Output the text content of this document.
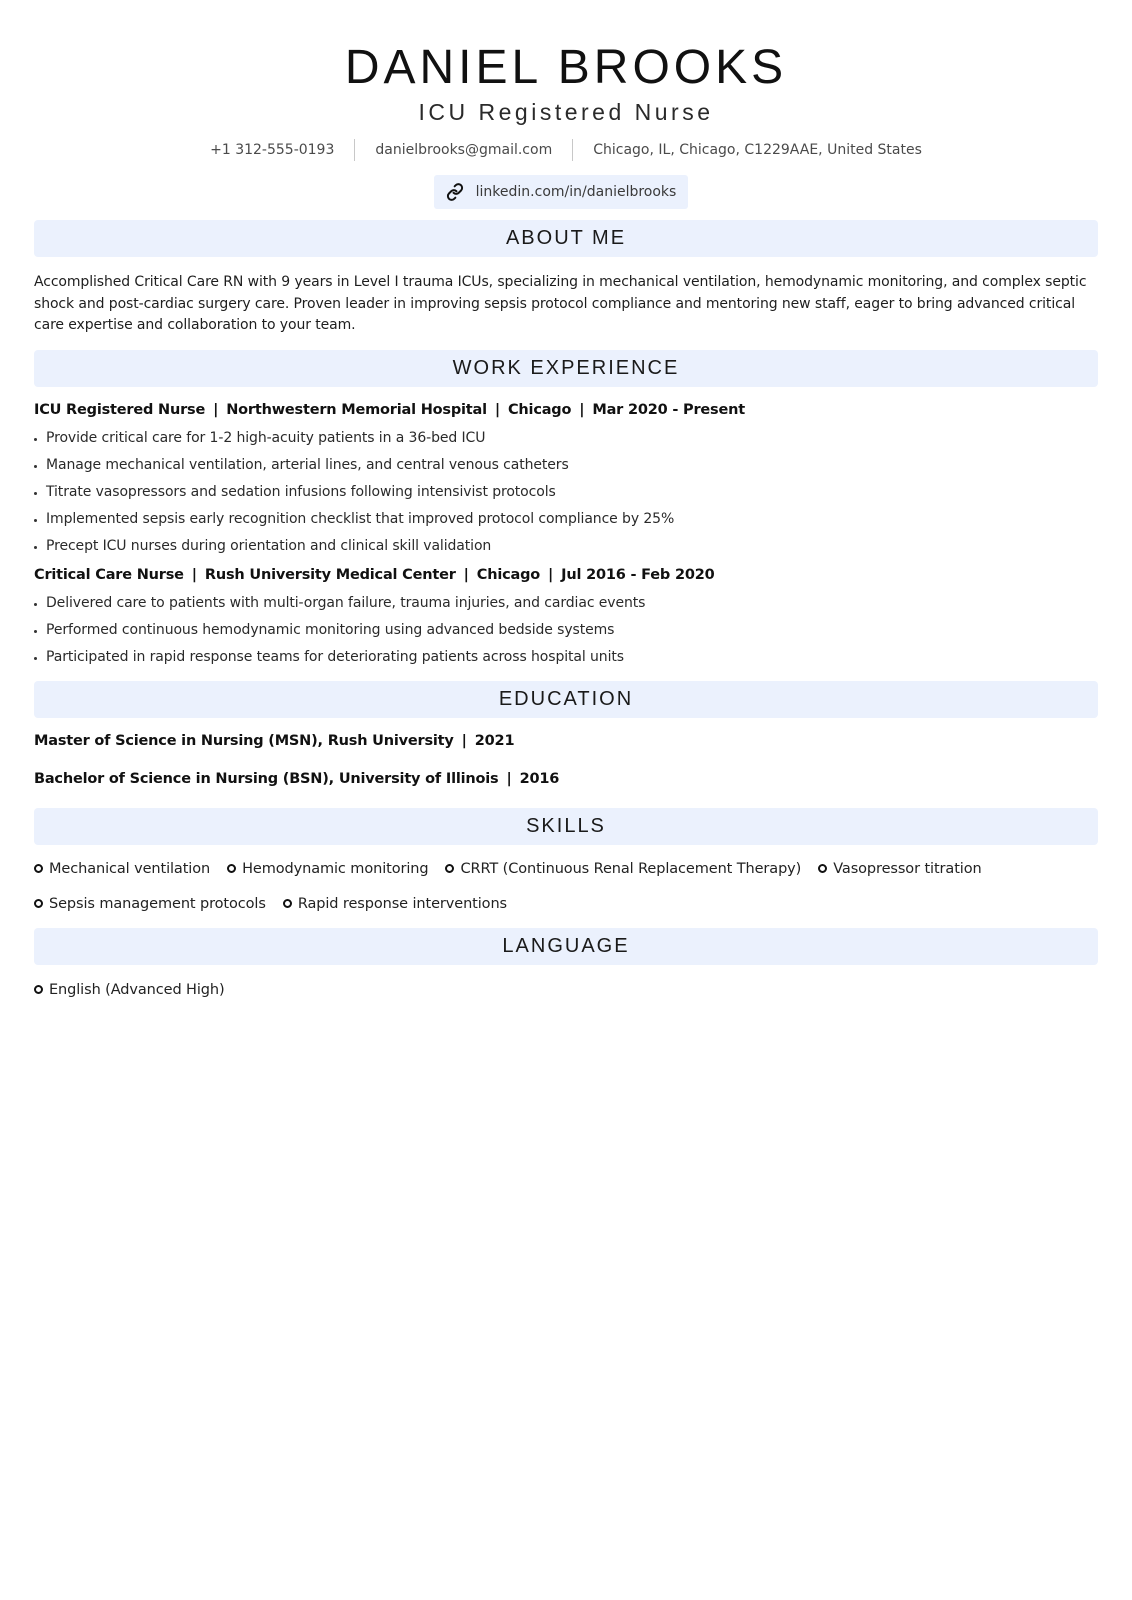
DANIEL BROOKS
ICU Registered Nurse
+1 312-555-0193	danielbrooks@gmail.com	Chicago, IL, Chicago, C1229AAE, United States
linkedin.com/in/danielbrooks
ABOUT ME
Accomplished Critical Care RN with 9 years in Level I trauma ICUs, specializing in mechanical ventilation, hemodynamic monitoring, and complex septic shock and post-cardiac surgery care. Proven leader in improving sepsis protocol compliance and mentoring new staff, eager to bring advanced critical care expertise and collaboration to your team.
WORK EXPERIENCE
ICU Registered Nurse | Northwestern Memorial Hospital | Chicago | Mar 2020 - Present
Provide critical care for 1-2 high-acuity patients in a 36-bed ICU
Manage mechanical ventilation, arterial lines, and central venous catheters
Titrate vasopressors and sedation infusions following intensivist protocols
Implemented sepsis early recognition checklist that improved protocol compliance by 25%
Precept ICU nurses during orientation and clinical skill validation
Critical Care Nurse | Rush University Medical Center | Chicago | Jul 2016 - Feb 2020
Delivered care to patients with multi-organ failure, trauma injuries, and cardiac events
Performed continuous hemodynamic monitoring using advanced bedside systems
Participated in rapid response teams for deteriorating patients across hospital units
EDUCATION
Master of Science in Nursing (MSN), Rush University | 2021
Bachelor of Science in Nursing (BSN), University of Illinois | 2016
SKILLS
Mechanical ventilation Hemodynamic monitoring CRRT (Continuous Renal Replacement Therapy) Vasopressor titration
Sepsis management protocols Rapid response interventions
LANGUAGE
English (Advanced High)
